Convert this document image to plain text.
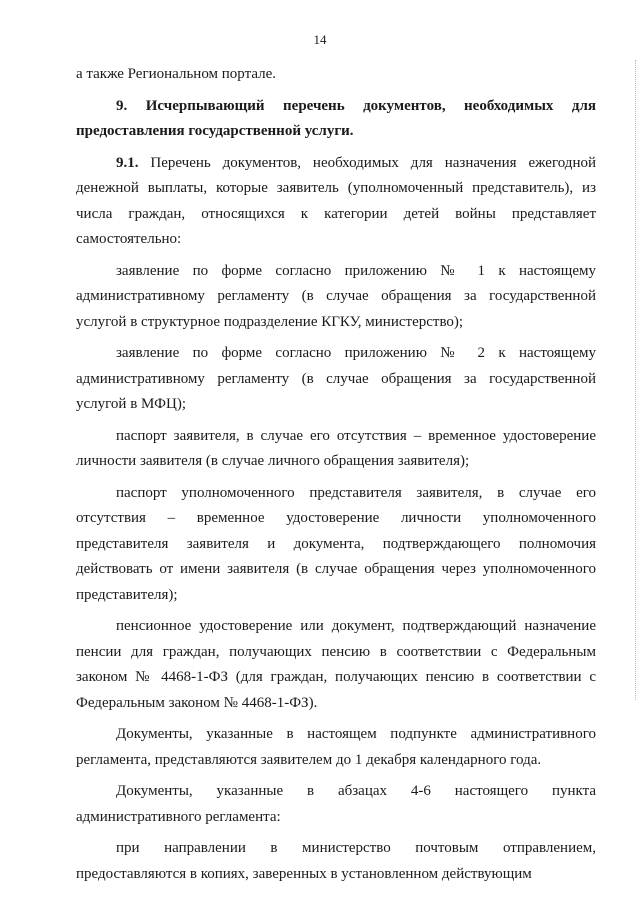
14

а также Региональном портале.

9. Исчерпывающий перечень документов, необходимых для предоставления государственной услуги.

9.1. Перечень документов, необходимых для назначения ежегодной денежной выплаты, которые заявитель (уполномоченный представитель), из числа граждан, относящихся к категории детей войны представляет самостоятельно:

заявление по форме согласно приложению № 1 к настоящему административному регламенту (в случае обращения за государственной услугой в структурное подразделение КГКУ, министерство);

заявление по форме согласно приложению № 2 к настоящему административному регламенту (в случае обращения за государственной услугой в МФЦ);

паспорт заявителя, в случае его отсутствия – временное удостоверение личности заявителя (в случае личного обращения заявителя);

паспорт уполномоченного представителя заявителя, в случае его отсутствия – временное удостоверение личности уполномоченного представителя заявителя и документа, подтверждающего полномочия действовать от имени заявителя (в случае обращения через уполномоченного представителя);

пенсионное удостоверение или документ, подтверждающий назначение пенсии для граждан, получающих пенсию в соответствии с Федеральным законом № 4468-1-ФЗ (для граждан, получающих пенсию в соответствии с Федеральным законом № 4468-1-ФЗ).

Документы, указанные в настоящем подпункте административного регламента, представляются заявителем до 1 декабря календарного года.

Документы, указанные в абзацах 4-6 настоящего пункта административного регламента:

при направлении в министерство почтовым отправлением, предоставляются в копиях, заверенных в установленном действующим
